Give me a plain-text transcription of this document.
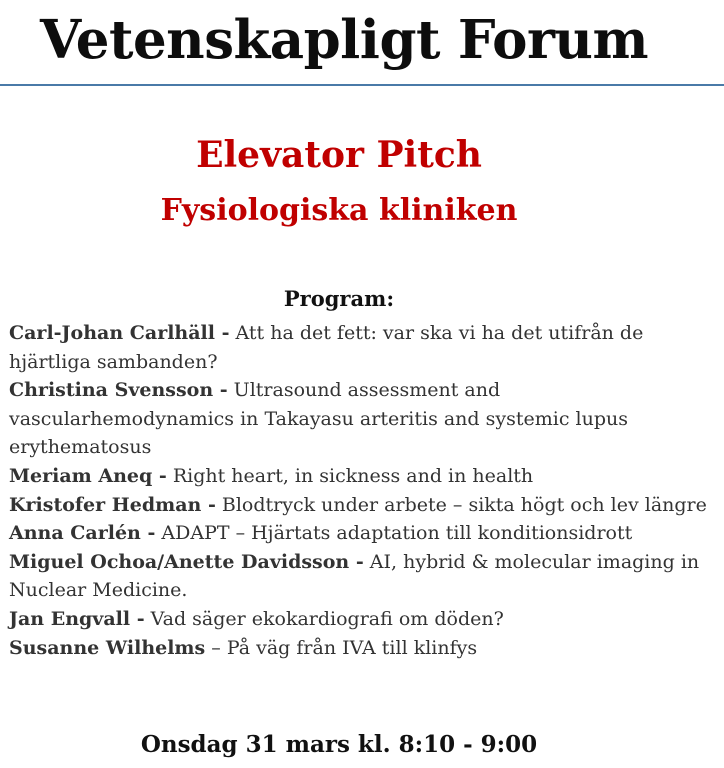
Vetenskapligt Forum
Elevator Pitch
Fysiologiska kliniken
Program:
Carl-Johan Carlhäll - Att ha det fett: var ska vi ha det utifrån de hjärtliga sambanden?
Christina Svensson - Ultrasound assessment and vascularhemodynamics in Takayasu arteritis and systemic lupus erythematosus
Meriam Aneq - Right heart, in sickness and in health
Kristofer Hedman - Blodtryck under arbete – sikta högt och lev längre
Anna Carlén - ADAPT – Hjärtats adaptation till konditionsidrott
Miguel Ochoa/Anette Davidsson - AI, hybrid & molecular imaging in Nuclear Medicine.
Jan Engvall - Vad säger ekokardiografi om döden?
Susanne Wilhelms – På väg från IVA till klinfys
Onsdag 31 mars kl. 8:10 - 9:00
